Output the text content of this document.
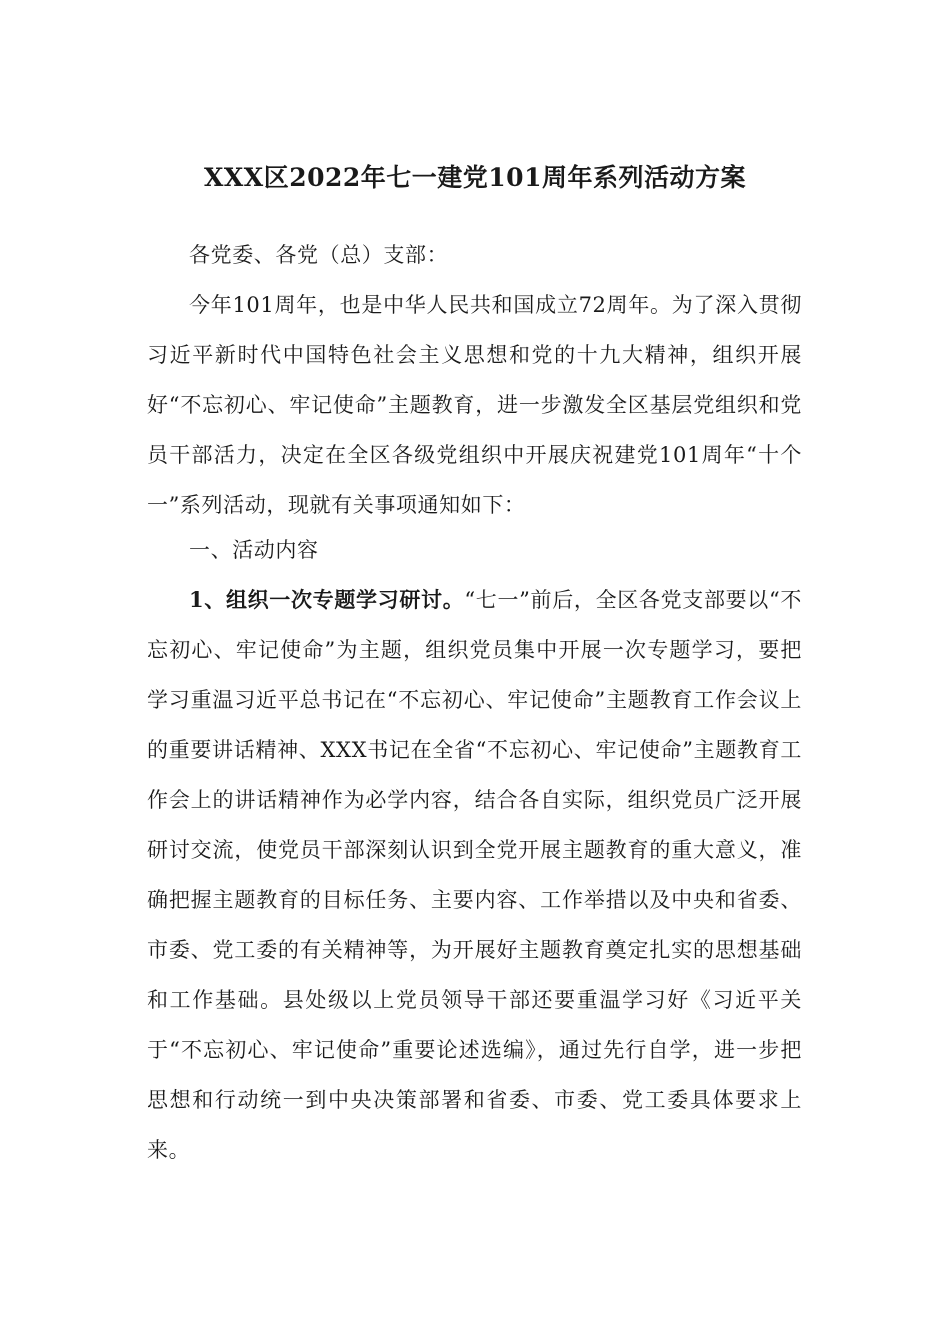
XXX区2022年七一建党101周年系列活动方案

各党委、各党（总）支部：

今年101周年，也是中华人民共和国成立72周年。为了深入贯彻习近平新时代中国特色社会主义思想和党的十九大精神，组织开展好“不忘初心、牢记使命”主题教育，进一步激发全区基层党组织和党员干部活力，决定在全区各级党组织中开展庆祝建党101周年“十个一”系列活动，现就有关事项通知如下：

一、活动内容

1、组织一次专题学习研讨。“七一”前后，全区各党支部要以“不忘初心、牢记使命”为主题，组织党员集中开展一次专题学习，要把学习重温习近平总书记在“不忘初心、牢记使命”主题教育工作会议上的重要讲话精神、XXX书记在全省“不忘初心、牢记使命”主题教育工作会上的讲话精神作为必学内容，结合各自实际，组织党员广泛开展研讨交流，使党员干部深刻认识到全党开展主题教育的重大意义，准确把握主题教育的目标任务、主要内容、工作举措以及中央和省委、市委、党工委的有关精神等，为开展好主题教育奠定扎实的思想基础和工作基础。县处级以上党员领导干部还要重温学习好《习近平关于“不忘初心、牢记使命”重要论述选编》，通过先行自学，进一步把思想和行动统一到中央决策部署和省委、市委、党工委具体要求上来。
